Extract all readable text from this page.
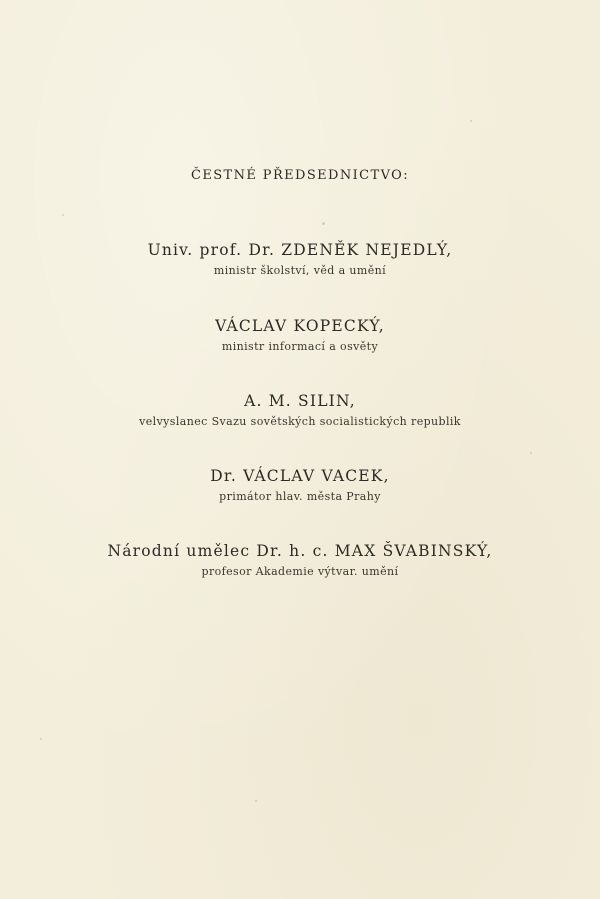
ČESTNÉ PŘEDSEDNICTVO:
Univ. prof. Dr. ZDENĚK NEJEDLÝ,
ministr školství, věd a umění
VÁCLAV KOPECKÝ,
ministr informací a osvěty
A. M. SILIN,
velvyslanec Svazu sovětských socialistických republik
Dr. VÁCLAV VACEK,
primátor hlav. města Prahy
Národní umělec Dr. h. c. MAX ŠVABINSKÝ,
profesor Akademie výtvar. umění
